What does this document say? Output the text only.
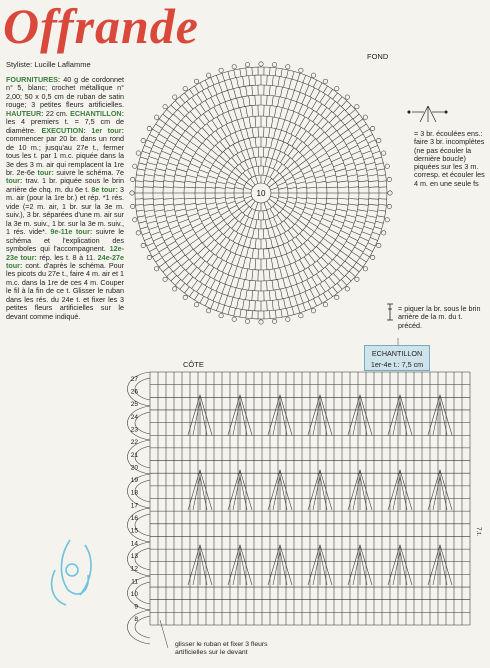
Offrande
Styliste: Lucille Laflamme
FOURNITURES: 40 g de cordonnet n° 5, blanc; crochet métallique n° 2,00; 50 x 0,5 cm de ruban de satin rouge; 3 petites fleurs artificielles. HAUTEUR: 22 cm. ECHANTILLON: les 4 premiers t. = 7,5 cm de diamètre. EXECUTION: 1er tour: commencer par 20 br. dans un rond de 10 m.; jusqu'au 27e t., fermer tous les t. par 1 m.c. piquée dans la 3e des 3 m. air qui remplacent la 1re br. 2e-6e tour: suivre le schéma. 7e tour: trav. 1 br. piquée sous le brin arrière de chq. m. du 6e t. 8e tour: 3 m. air (pour la 1re br.) et rép. *1 rés. vide (=2 m. air, 1 br. sur la 3e m. suiv.), 3 br. séparées d'une m. air sur la 3e m. suiv., 1 br. sur la 3e m. suiv., 1 rés. vide*. 9e-11e tour: suivre le schéma et l'explication des symboles qui l'accompagnent. 12e-23e tour: rép. les t. 8 à 11. 24e-27e tour: cont. d'après le schéma. Pour les picots du 27e t., faire 4 m. air et 1 m.c. dans la 1re de ces 4 m. Couper le fil à la fin de ce t. Glisser le ruban dans les rés. du 24e t. et fixer les 3 petites fleurs artificielles sur le devant comme indiqué.
FOND
CÔTE
= 3 br. écoulées ens.: faire 3 br. incomplètes (ne pas écouler la dernière boucle) piquées sur les 3 m. corresp. et écouler les 4 m. en une seule fs
= piquer la br. sous le brin arrière de la m. du t. précéd.
ECHANTILLON
1er-4e t.: 7,5 cm
glisser le ruban et fixer 3 fleurs artificielles sur le devant
7.t.
10
27
26
25
24
23
22
21
20
19
18
17
16
15
14
13
12
11
10
9
8
